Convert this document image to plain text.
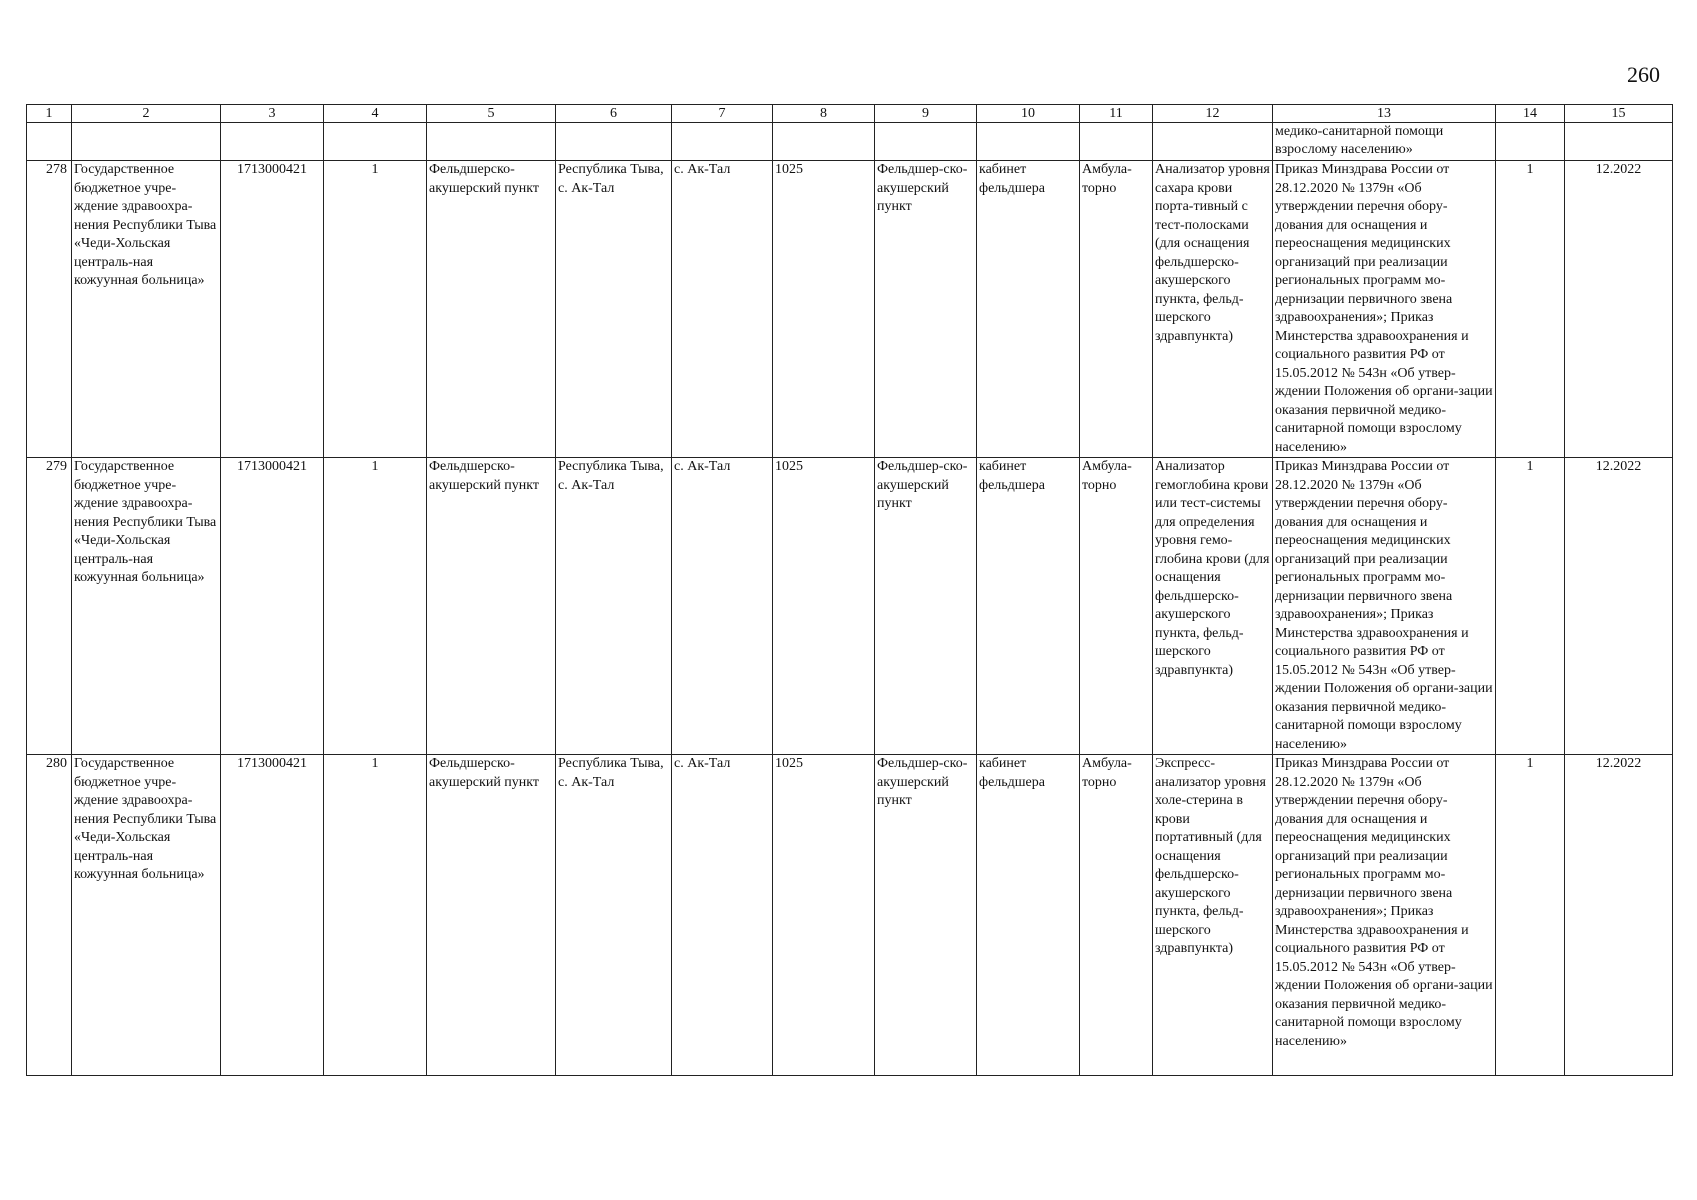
260
1	2	3	4	5	6	7	8	9	10	11	12	13	14	15
												медико-санитарной помощи взрослому населению»		
278	Государственное бюджетное учре-ждение здравоохра-нения Республики Тыва «Чеди-Хольская централь-ная кожуунная больница»	1713000421	1	Фельдшерско-акушерский пункт	Республика Тыва, с. Ак-Тал	с. Ак-Тал	1025	Фельдшер-ско-акушерский пункт	кабинет фельдшера	Амбула-торно	Анализатор уровня сахара крови порта-тивный с тест-полосками (для оснащения фельдшерско-акушерского пункта, фельд-шерского здравпункта)	Приказ Минздрава России от 28.12.2020 № 1379н «Об утверждении перечня обору-дования для оснащения и переоснащения медицинских организаций при реализации региональных программ мо-дернизации первичного звена здравоохранения»; Приказ Минстерства здравоохранения и социального развития РФ от 15.05.2012 № 543н «Об утвер-ждении Положения об органи-зации оказания первичной медико-санитарной помощи взрослому населению»	1	12.2022
279	Государственное бюджетное учре-ждение здравоохра-нения Республики Тыва «Чеди-Хольская централь-ная кожуунная больница»	1713000421	1	Фельдшерско-акушерский пункт	Республика Тыва, с. Ак-Тал	с. Ак-Тал	1025	Фельдшер-ско-акушерский пункт	кабинет фельдшера	Амбула-торно	Анализатор гемоглобина крови или тест-системы для определения уровня гемо-глобина крови (для оснащения фельдшерско-акушерского пункта, фельд-шерского здравпункта)	Приказ Минздрава России от 28.12.2020 № 1379н «Об утверждении перечня обору-дования для оснащения и переоснащения медицинских организаций при реализации региональных программ мо-дернизации первичного звена здравоохранения»; Приказ Минстерства здравоохранения и социального развития РФ от 15.05.2012 № 543н «Об утвер-ждении Положения об органи-зации оказания первичной медико-санитарной помощи взрослому населению»	1	12.2022
280	Государственное бюджетное учре-ждение здравоохра-нения Республики Тыва «Чеди-Хольская централь-ная кожуунная больница»	1713000421	1	Фельдшерско-акушерский пункт	Республика Тыва, с. Ак-Тал	с. Ак-Тал	1025	Фельдшер-ско-акушерский пункт	кабинет фельдшера	Амбула-торно	Экспресс-анализатор уровня холе-стерина в крови портативный (для оснащения фельдшерско-акушерского пункта, фельд-шерского здравпункта)	Приказ Минздрава России от 28.12.2020 № 1379н «Об утверждении перечня обору-дования для оснащения и переоснащения медицинских организаций при реализации региональных программ мо-дернизации первичного звена здравоохранения»; Приказ Минстерства здравоохранения и социального развития РФ от 15.05.2012 № 543н «Об утвер-ждении Положения об органи-зации оказания первичной медико-санитарной помощи взрослому населению»	1	12.2022
